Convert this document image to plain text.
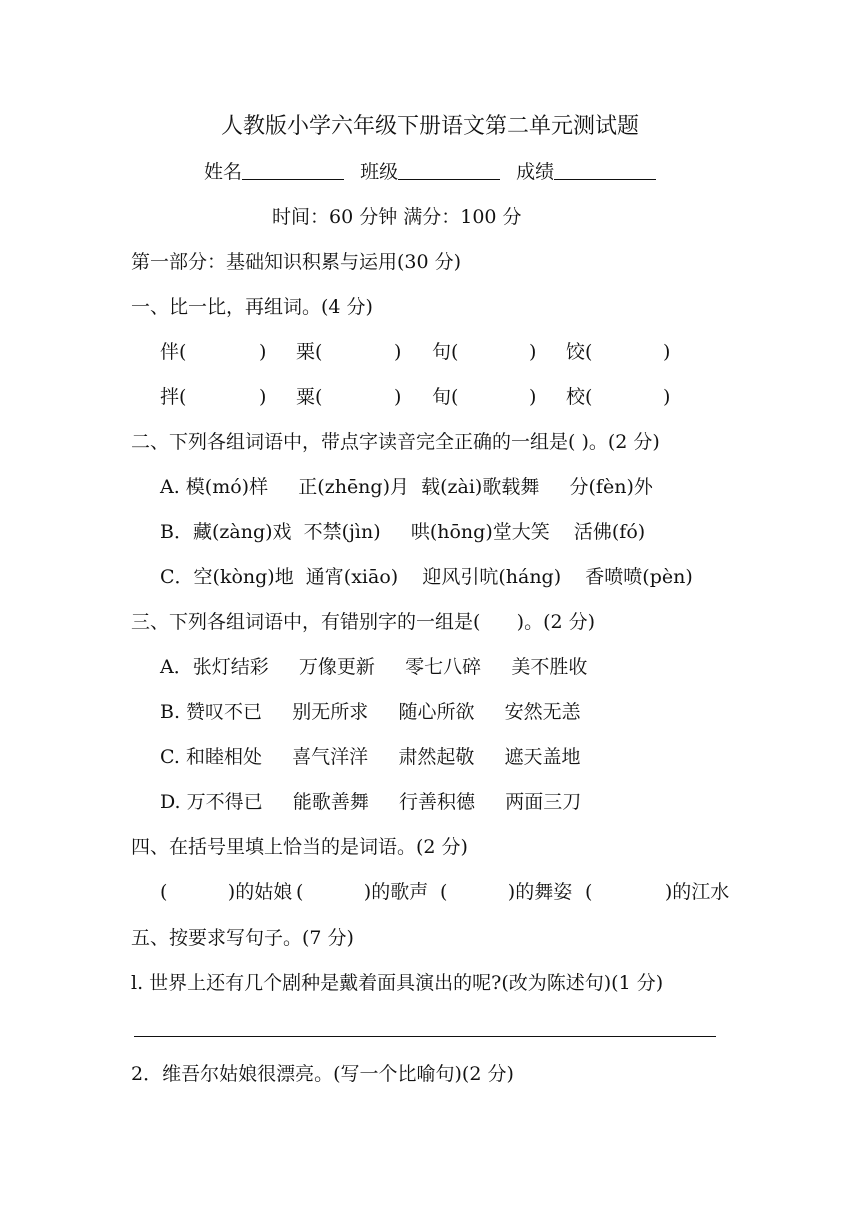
人教版小学六年级下册语文第二单元测试题
姓名	班级	成绩
时间：60 分钟 满分：100 分
第一部分：基础知识积累与运用(30 分)
一、比一比，再组词。(4 分)
伴(	) 栗(	) 句(	) 饺(	)
拌(	) 粟(	) 旬(	) 校(	)
二、下列各组词语中，带点字读音完全正确的一组是( )。(2 分)
A. 模(mó)样     正(zhēng)月  载(zài)歌载舞     分(fèn)外
B．藏(zàng)戏  不禁(jìn)     哄(hōng)堂大笑    活佛(fó)
C．空(kòng)地  通宵(xiāo)    迎风引吭(háng)    香喷喷(pèn)
三、下列各组词语中，有错别字的一组是(      )。(2 分)
A．张灯结彩     万像更新     零七八碎     美不胜收
B. 赞叹不已     别无所求     随心所欲     安然无恙
C. 和睦相处     喜气洋洋     肃然起敬     遮天盖地
D. 万不得已     能歌善舞     行善积德     两面三刀
四、在括号里填上恰当的是词语。(2 分)
(          )的姑娘 (          )的歌声 (          )的舞姿 (            )的江水
五、按要求写句子。(7 分)
l. 世界上还有几个剧种是戴着面具演出的呢?(改为陈述句)(1 分)
2．维吾尔姑娘很漂亮。(写一个比喻句)(2 分)
